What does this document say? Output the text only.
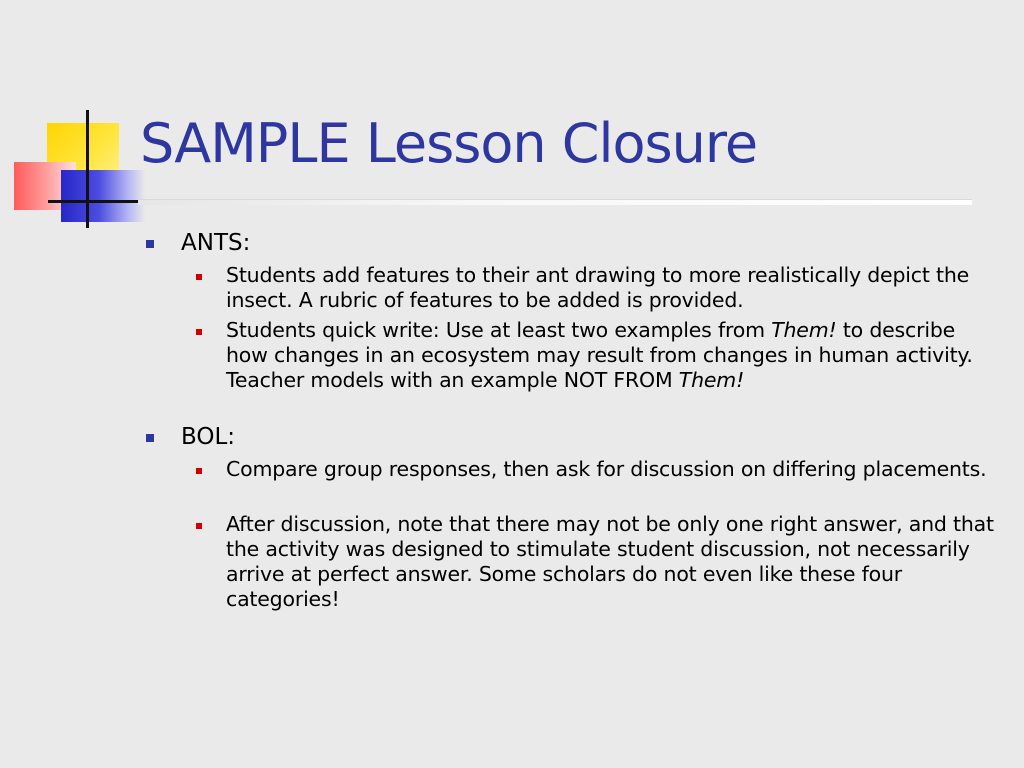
SAMPLE Lesson Closure
ANTS:
Students add features to their ant drawing to more realistically depict the insect. A rubric of features to be added is provided.
Students quick write: Use at least two examples from Them! to describe how changes in an ecosystem may result from changes in human activity. Teacher models with an example NOT FROM Them!
BOL:
Compare group responses, then ask for discussion on differing placements.
After discussion, note that there may not be only one right answer, and that the activity was designed to stimulate student discussion, not necessarily arrive at perfect answer. Some scholars do not even like these four categories!
